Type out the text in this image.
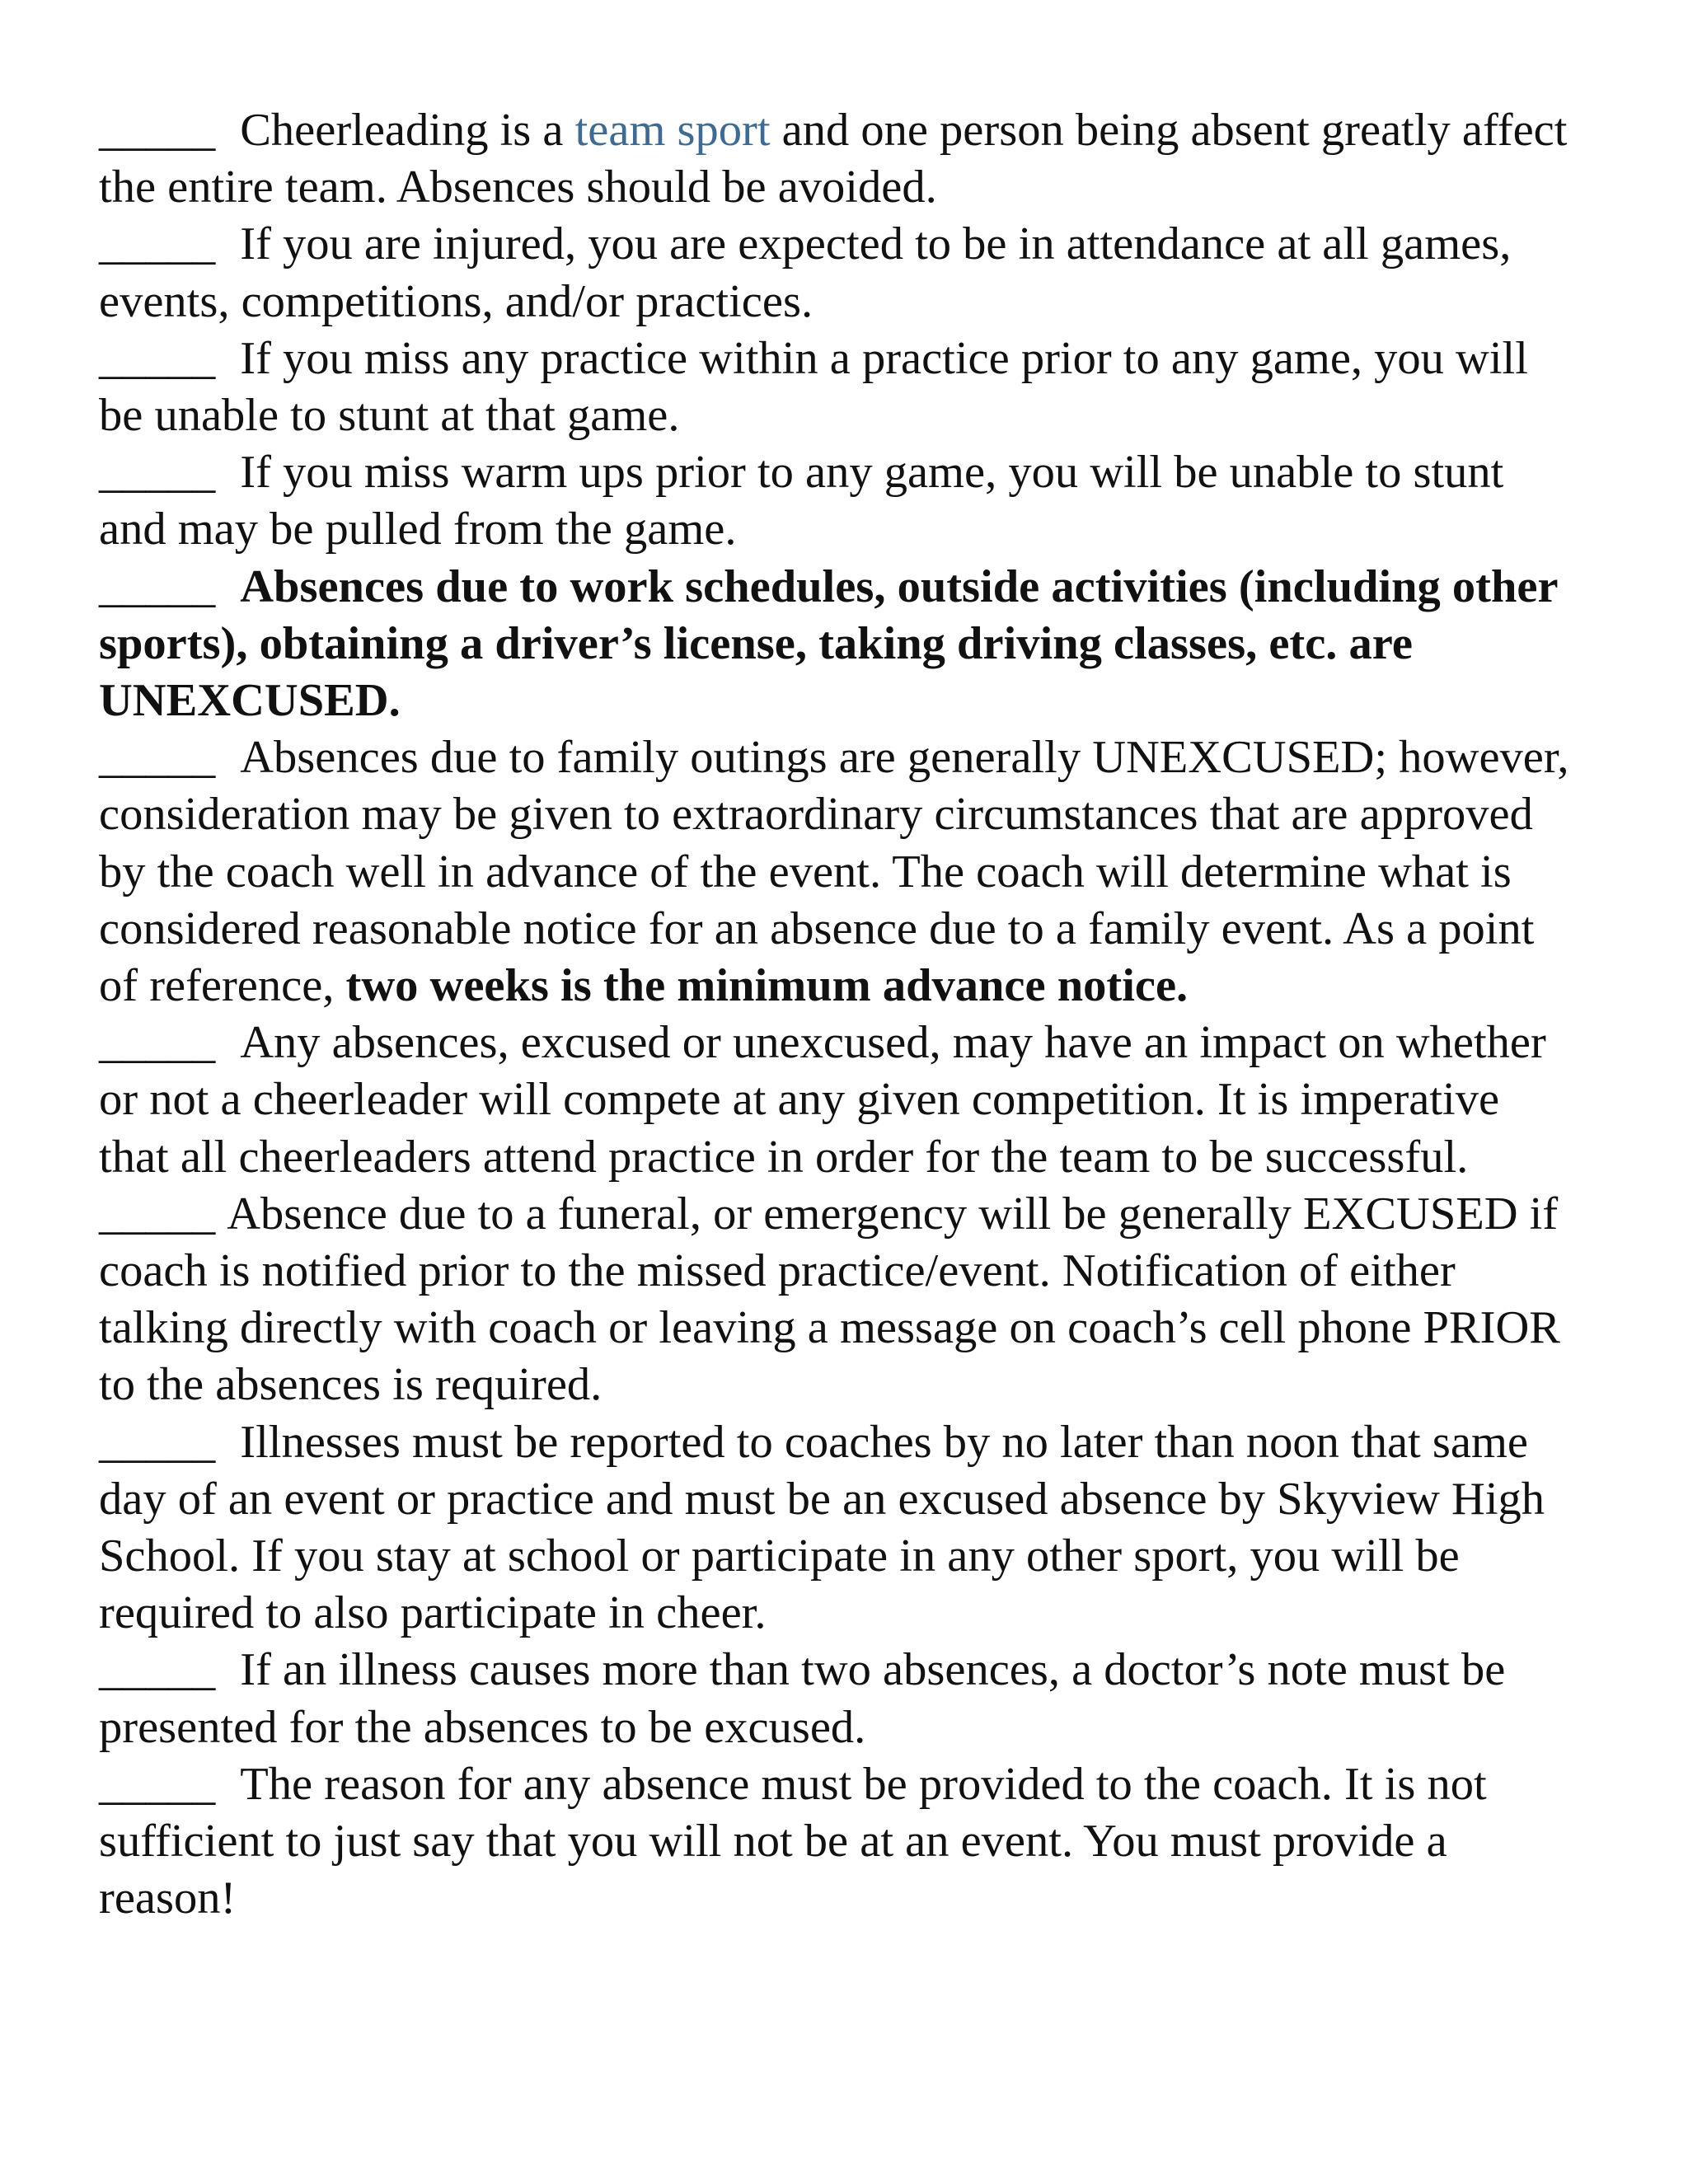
_____ Cheerleading is a team sport and one person being absent greatly affect the entire team. Absences should be avoided.

_____ If you are injured, you are expected to be in attendance at all games, events, competitions, and/or practices.

_____ If you miss any practice within a practice prior to any game, you will be unable to stunt at that game.

_____ If you miss warm ups prior to any game, you will be unable to stunt and may be pulled from the game.

_____ Absences due to work schedules, outside activities (including other sports), obtaining a driver’s license, taking driving classes, etc. are UNEXCUSED.

_____ Absences due to family outings are generally UNEXCUSED; however, consideration may be given to extraordinary circumstances that are approved by the coach well in advance of the event. The coach will determine what is considered reasonable notice for an absence due to a family event. As a point of reference, two weeks is the minimum advance notice.

_____ Any absences, excused or unexcused, may have an impact on whether or not a cheerleader will compete at any given competition. It is imperative that all cheerleaders attend practice in order for the team to be successful.

_____ Absence due to a funeral, or emergency will be generally EXCUSED if coach is notified prior to the missed practice/event. Notification of either talking directly with coach or leaving a message on coach’s cell phone PRIOR to the absences is required.

_____ Illnesses must be reported to coaches by no later than noon that same day of an event or practice and must be an excused absence by Skyview High School. If you stay at school or participate in any other sport, you will be required to also participate in cheer.

_____ If an illness causes more than two absences, a doctor’s note must be presented for the absences to be excused.

_____ The reason for any absence must be provided to the coach. It is not sufficient to just say that you will not be at an event. You must provide a reason!
